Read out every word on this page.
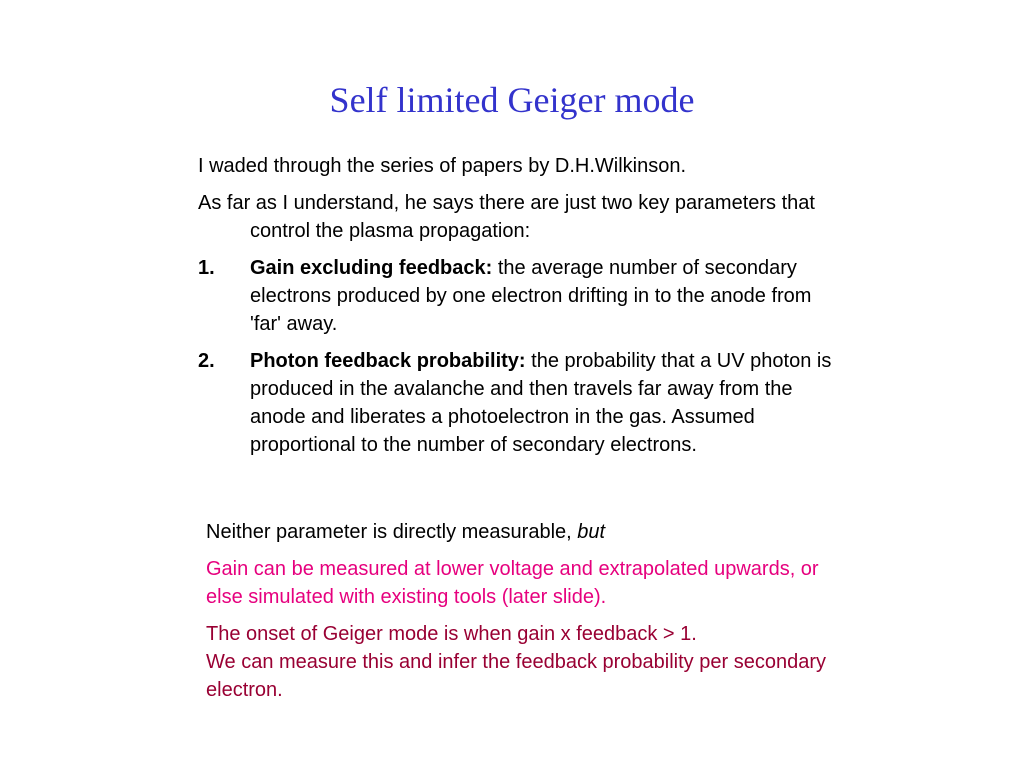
Self limited Geiger mode

I waded through the series of papers by D.H.Wilkinson.

As far as I understand, he says there are just two key parameters that control the plasma propagation:

1.	Gain excluding feedback: the average number of secondary electrons produced by one electron drifting in to the anode from 'far' away.
2.	Photon feedback probability: the probability that a UV photon is produced in the avalanche and then travels far away from the anode and liberates a photoelectron in the gas. Assumed proportional to the number of secondary electrons.

Neither parameter is directly measurable, but

Gain can be measured at lower voltage and extrapolated upwards, or else simulated with existing tools (later slide).

The onset of Geiger mode is when gain x feedback > 1.
We can measure this and infer the feedback probability per secondary electron.
